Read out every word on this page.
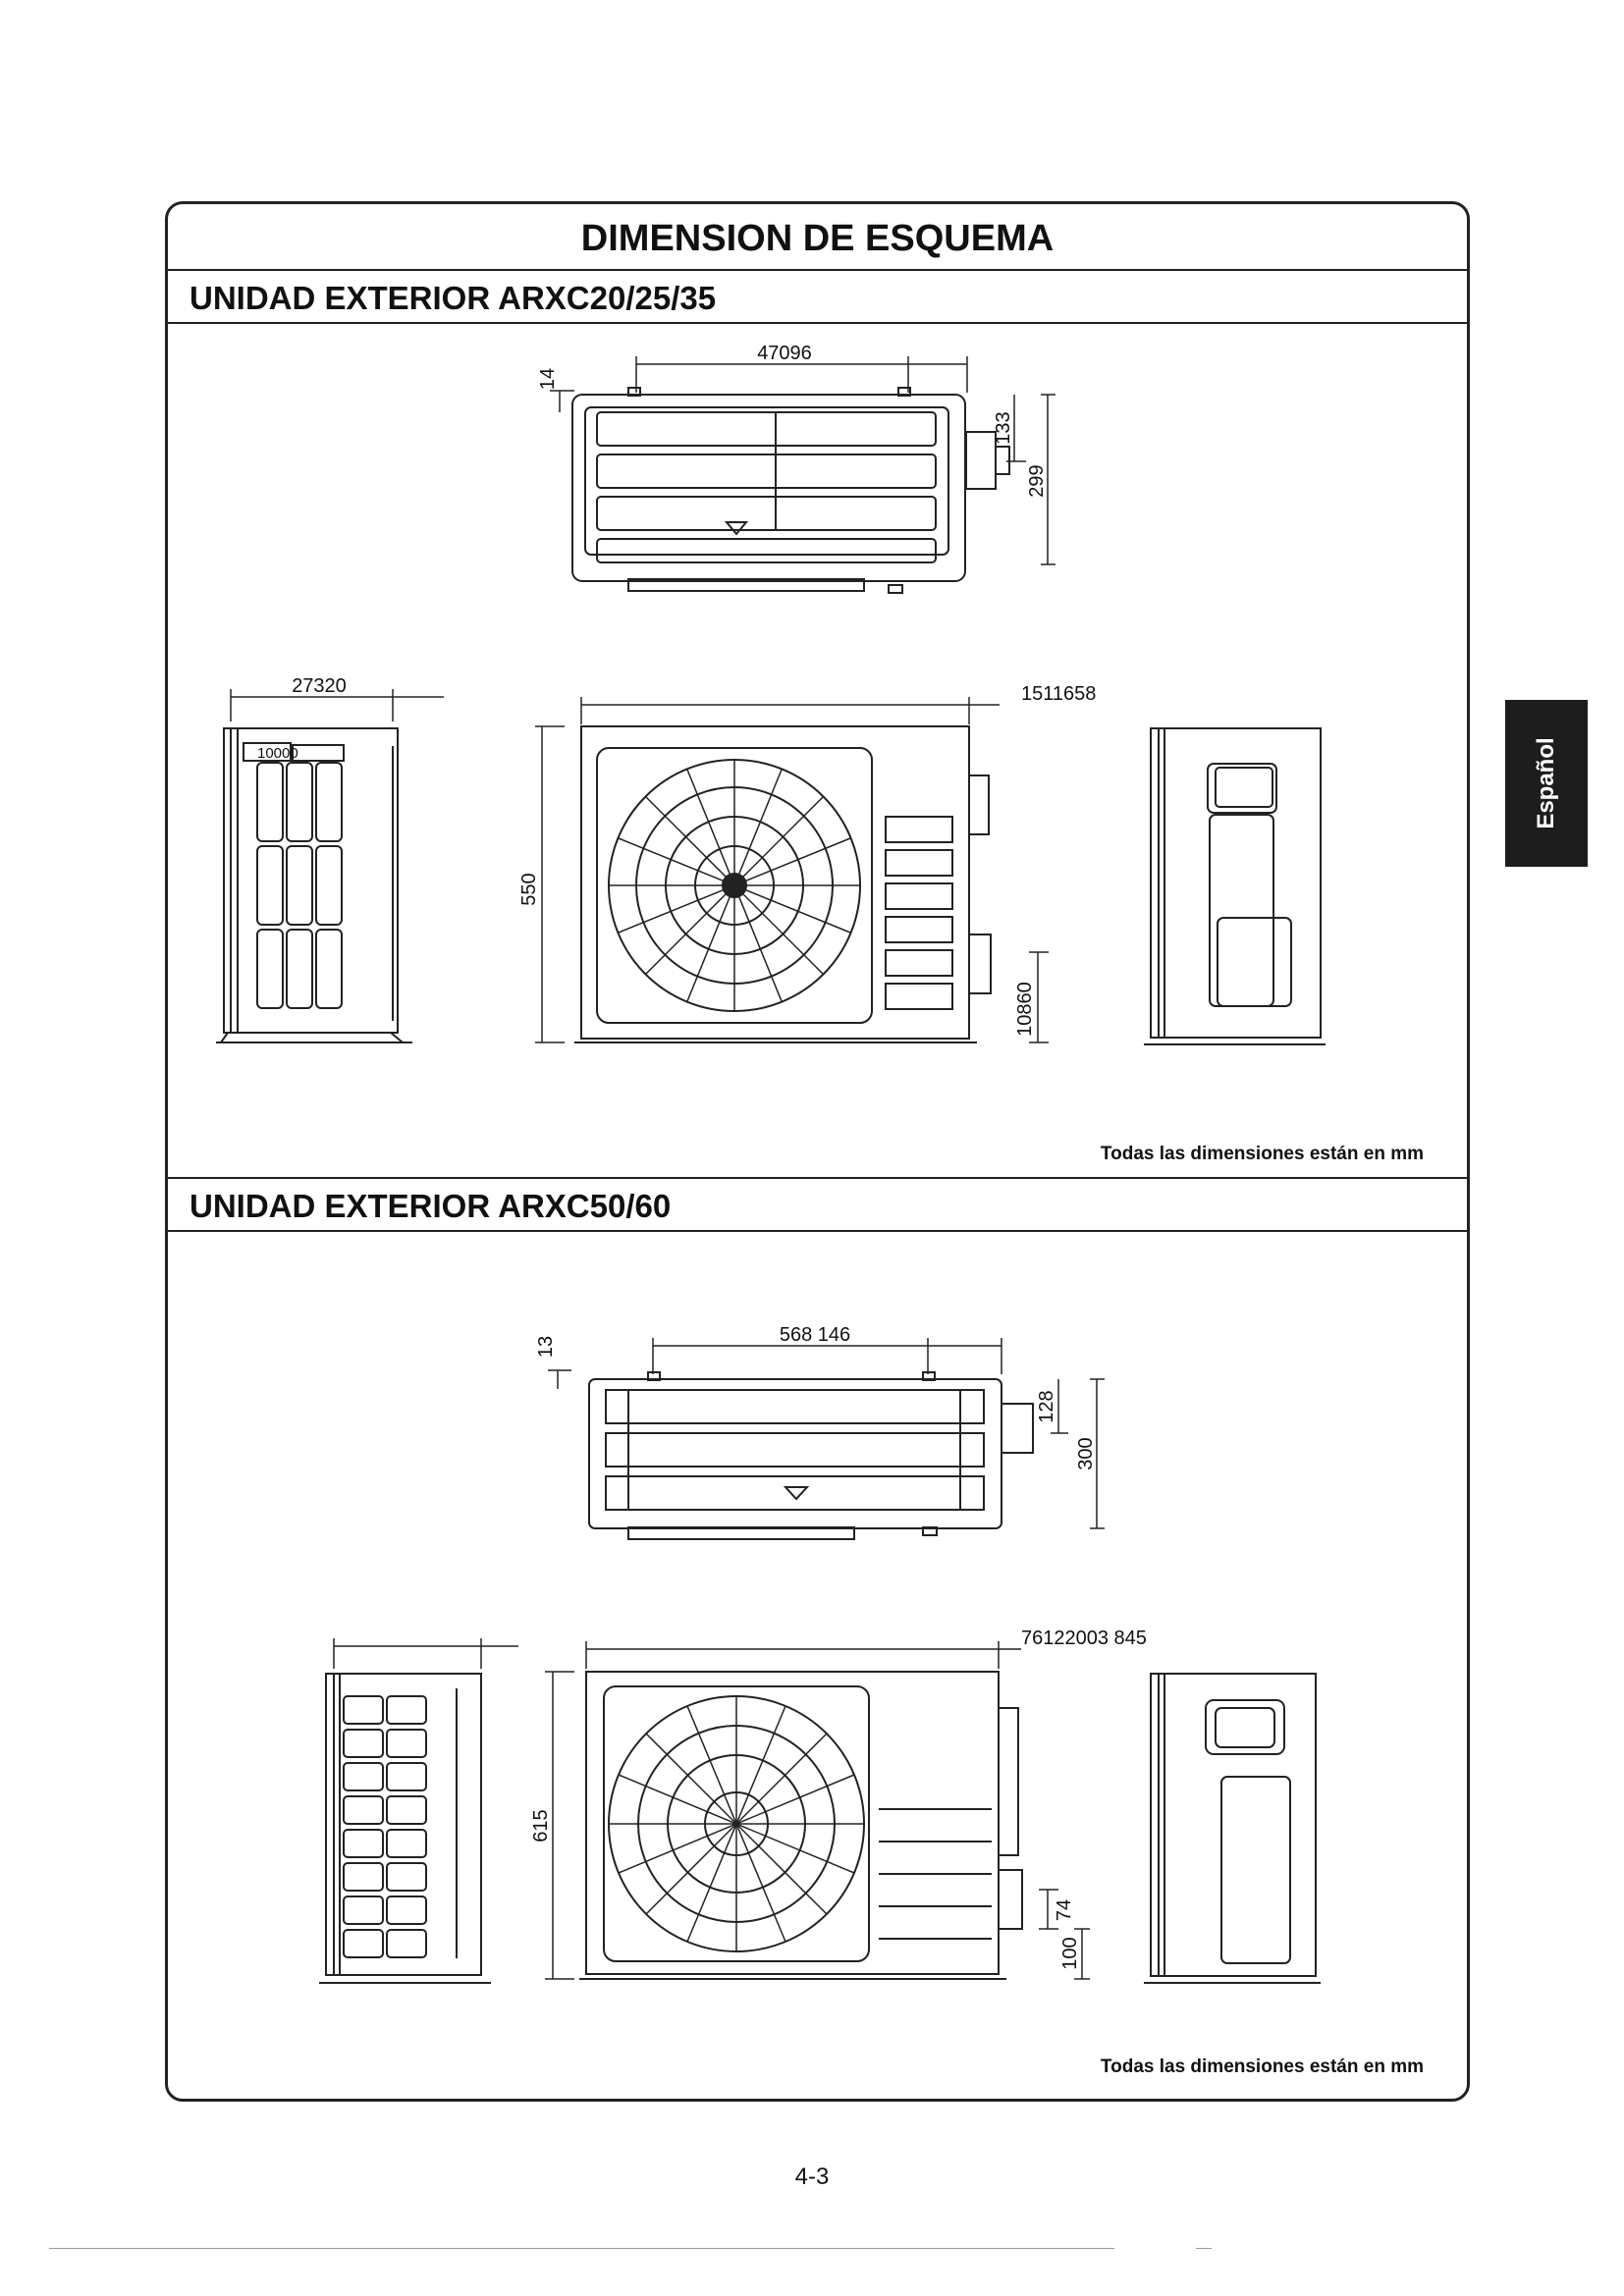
DIMENSION DE ESQUEMA
UNIDAD EXTERIOR ARXC20/25/35
Todas las dimensiones están en mm
UNIDAD EXTERIOR ARXC50/60
Todas las dimensiones están en mm
47096
14
133
299
27320
10000
1511658
550
10860
568 146
13
128
300
76122003 845
615
74
100
Español
4-3
